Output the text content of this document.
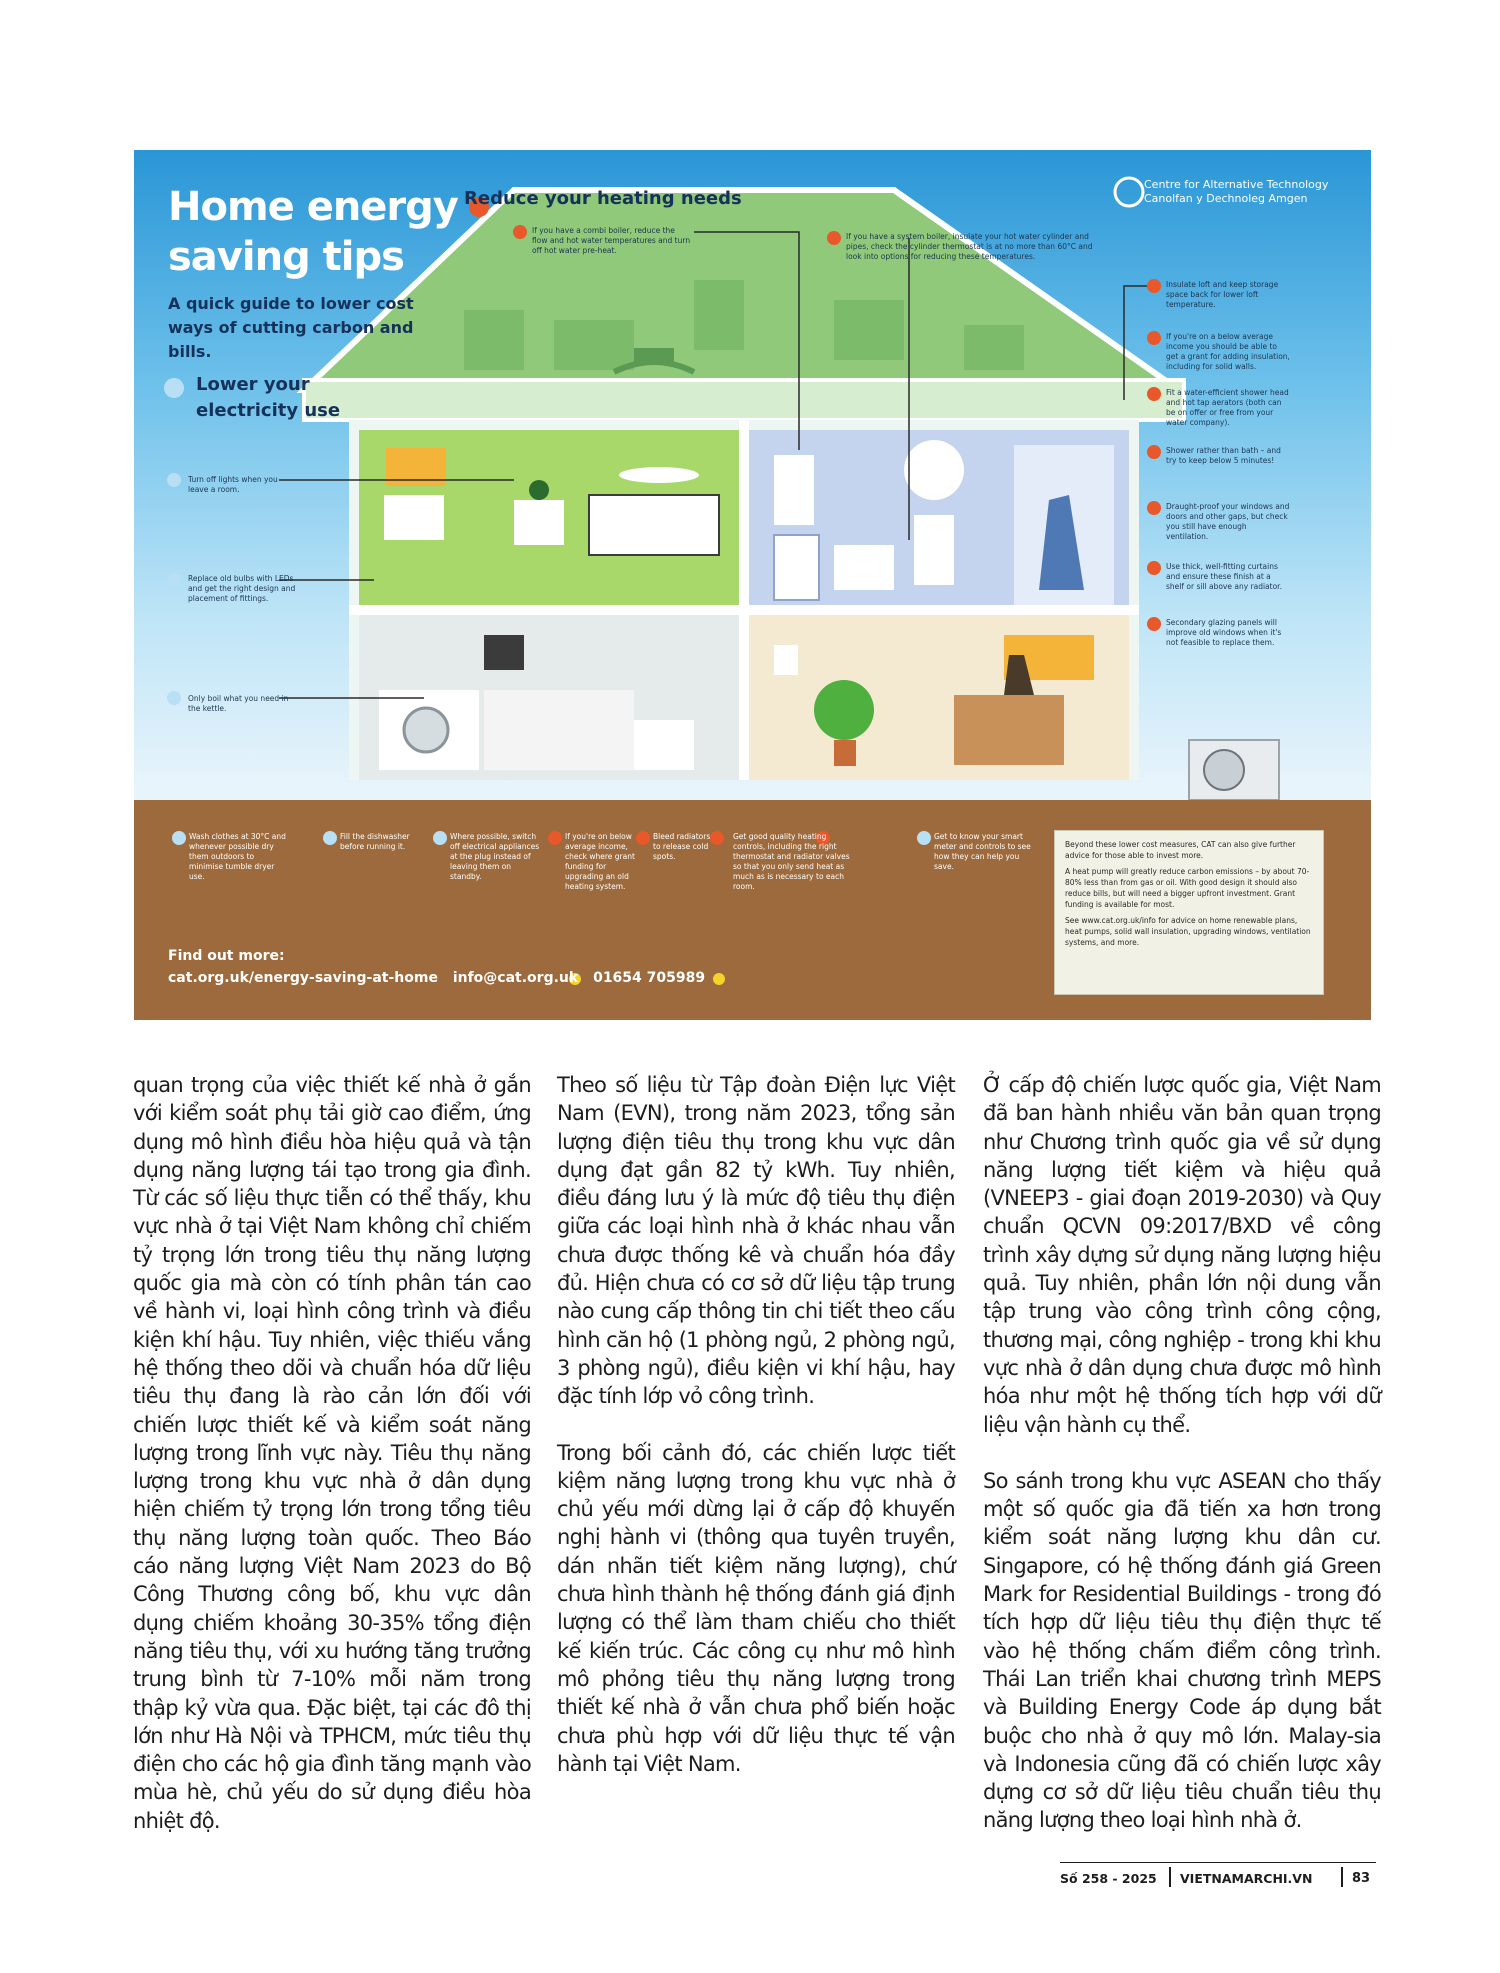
Home energy saving tips
A quick guide to lower cost ways of cutting carbon and bills.
Lower your electricity use
Reduce your heating needs
Centre for Alternative Technology Canolfan y Dechnoleg Amgen
Turn off lights when you leave a room.
Replace old bulbs with LEDs and get the right design and placement of fittings.
Only boil what you need in the kettle.
If you have a combi boiler, reduce the flow and hot water temperatures and turn off hot water pre-heat.
If you have a system boiler, insulate your hot water cylinder and pipes, check the cylinder thermostat is at no more than 60°C and look into options for reducing these temperatures.
Insulate loft and keep storage space back for lower loft temperature.
If you're on a below average income you should be able to get a grant for adding insulation, including for solid walls.
Fit a water-efficient shower head and hot tap aerators (both can be on offer or free from your water company).
Shower rather than bath – and try to keep below 5 minutes!
Draught-proof your windows and doors and other gaps, but check you still have enough ventilation.
Use thick, well-fitting curtains and ensure these finish at a shelf or sill above any radiator.
Secondary glazing panels will improve old windows when it's not feasible to replace them.
Wash clothes at 30°C and whenever possible dry them outdoors to minimise tumble dryer use.
Fill the dishwasher before running it.
Where possible, switch off electrical appliances at the plug instead of leaving them on standby.
If you're on below average income, check where grant funding for upgrading an old heating system.
Bleed radiators to release cold spots.
Get good quality heating controls, including the right thermostat and radiator valves so that you only send heat as much as is necessary to each room.
Get to know your smart meter and controls to see how they can help you save.
Find out more:
cat.org.uk/energy-saving-at-home info@cat.org.uk 01654 705989

Beyond these lower cost measures, CAT can also give further advice for those able to invest more.

A heat pump will greatly reduce carbon emissions – by about 70-80% less than from gas or oil. With good design it should also reduce bills, but will need a bigger upfront investment. Grant funding is available for most.

See www.cat.org.uk/info for advice on home renewable plans, heat pumps, solid wall insulation, upgrading windows, ventilation systems, and more.

quan trọng của việc thiết kế nhà ở gắn với kiểm soát phụ tải giờ cao điểm, ứng dụng mô hình điều hòa hiệu quả và tận dụng năng lượng tái tạo trong gia đình. Từ các số liệu thực tiễn có thể thấy, khu vực nhà ở tại Việt Nam không chỉ chiếm tỷ trọng lớn trong tiêu thụ năng lượng quốc gia mà còn có tính phân tán cao về hành vi, loại hình công trình và điều kiện khí hậu. Tuy nhiên, việc thiếu vắng hệ thống theo dõi và chuẩn hóa dữ liệu tiêu thụ đang là rào cản lớn đối với chiến lược thiết kế và kiểm soát năng lượng trong lĩnh vực này. Tiêu thụ năng lượng trong khu vực nhà ở dân dụng hiện chiếm tỷ trọng lớn trong tổng tiêu thụ năng lượng toàn quốc. Theo Báo cáo năng lượng Việt Nam 2023 do Bộ Công Thương công bố, khu vực dân dụng chiếm khoảng 30-35% tổng điện năng tiêu thụ, với xu hướng tăng trưởng trung bình từ 7-10% mỗi năm trong thập kỷ vừa qua. Đặc biệt, tại các đô thị lớn như Hà Nội và TPHCM, mức tiêu thụ điện cho các hộ gia đình tăng mạnh vào mùa hè, chủ yếu do sử dụng điều hòa nhiệt độ.

Theo số liệu từ Tập đoàn Điện lực Việt Nam (EVN), trong năm 2023, tổng sản lượng điện tiêu thụ trong khu vực dân dụng đạt gần 82 tỷ kWh. Tuy nhiên, điều đáng lưu ý là mức độ tiêu thụ điện giữa các loại hình nhà ở khác nhau vẫn chưa được thống kê và chuẩn hóa đầy đủ. Hiện chưa có cơ sở dữ liệu tập trung nào cung cấp thông tin chi tiết theo cấu hình căn hộ (1 phòng ngủ, 2 phòng ngủ, 3 phòng ngủ), điều kiện vi khí hậu, hay đặc tính lớp vỏ công trình.

Trong bối cảnh đó, các chiến lược tiết kiệm năng lượng trong khu vực nhà ở chủ yếu mới dừng lại ở cấp độ khuyến nghị hành vi (thông qua tuyên truyền, dán nhãn tiết kiệm năng lượng), chứ chưa hình thành hệ thống đánh giá định lượng có thể làm tham chiếu cho thiết kế kiến trúc. Các công cụ như mô hình mô phỏng tiêu thụ năng lượng trong thiết kế nhà ở vẫn chưa phổ biến hoặc chưa phù hợp với dữ liệu thực tế vận hành tại Việt Nam.

Ở cấp độ chiến lược quốc gia, Việt Nam đã ban hành nhiều văn bản quan trọng như Chương trình quốc gia về sử dụng năng lượng tiết kiệm và hiệu quả (VNEEP3 - giai đoạn 2019-2030) và Quy chuẩn QCVN 09:2017/BXD về công trình xây dựng sử dụng năng lượng hiệu quả. Tuy nhiên, phần lớn nội dung vẫn tập trung vào công trình công cộng, thương mại, công nghiệp - trong khi khu vực nhà ở dân dụng chưa được mô hình hóa như một hệ thống tích hợp với dữ liệu vận hành cụ thể.

So sánh trong khu vực ASEAN cho thấy một số quốc gia đã tiến xa hơn trong kiểm soát năng lượng khu dân cư. Singapore, có hệ thống đánh giá Green Mark for Residential Buildings - trong đó tích hợp dữ liệu tiêu thụ điện thực tế vào hệ thống chấm điểm công trình. Thái Lan triển khai chương trình MEPS và Building Energy Code áp dụng bắt buộc cho nhà ở quy mô lớn. Malay-sia và Indonesia cũng đã có chiến lược xây dựng cơ sở dữ liệu tiêu chuẩn tiêu thụ năng lượng theo loại hình nhà ở.

Số 258 - 2025 VIETNAMARCHI.VN	83
